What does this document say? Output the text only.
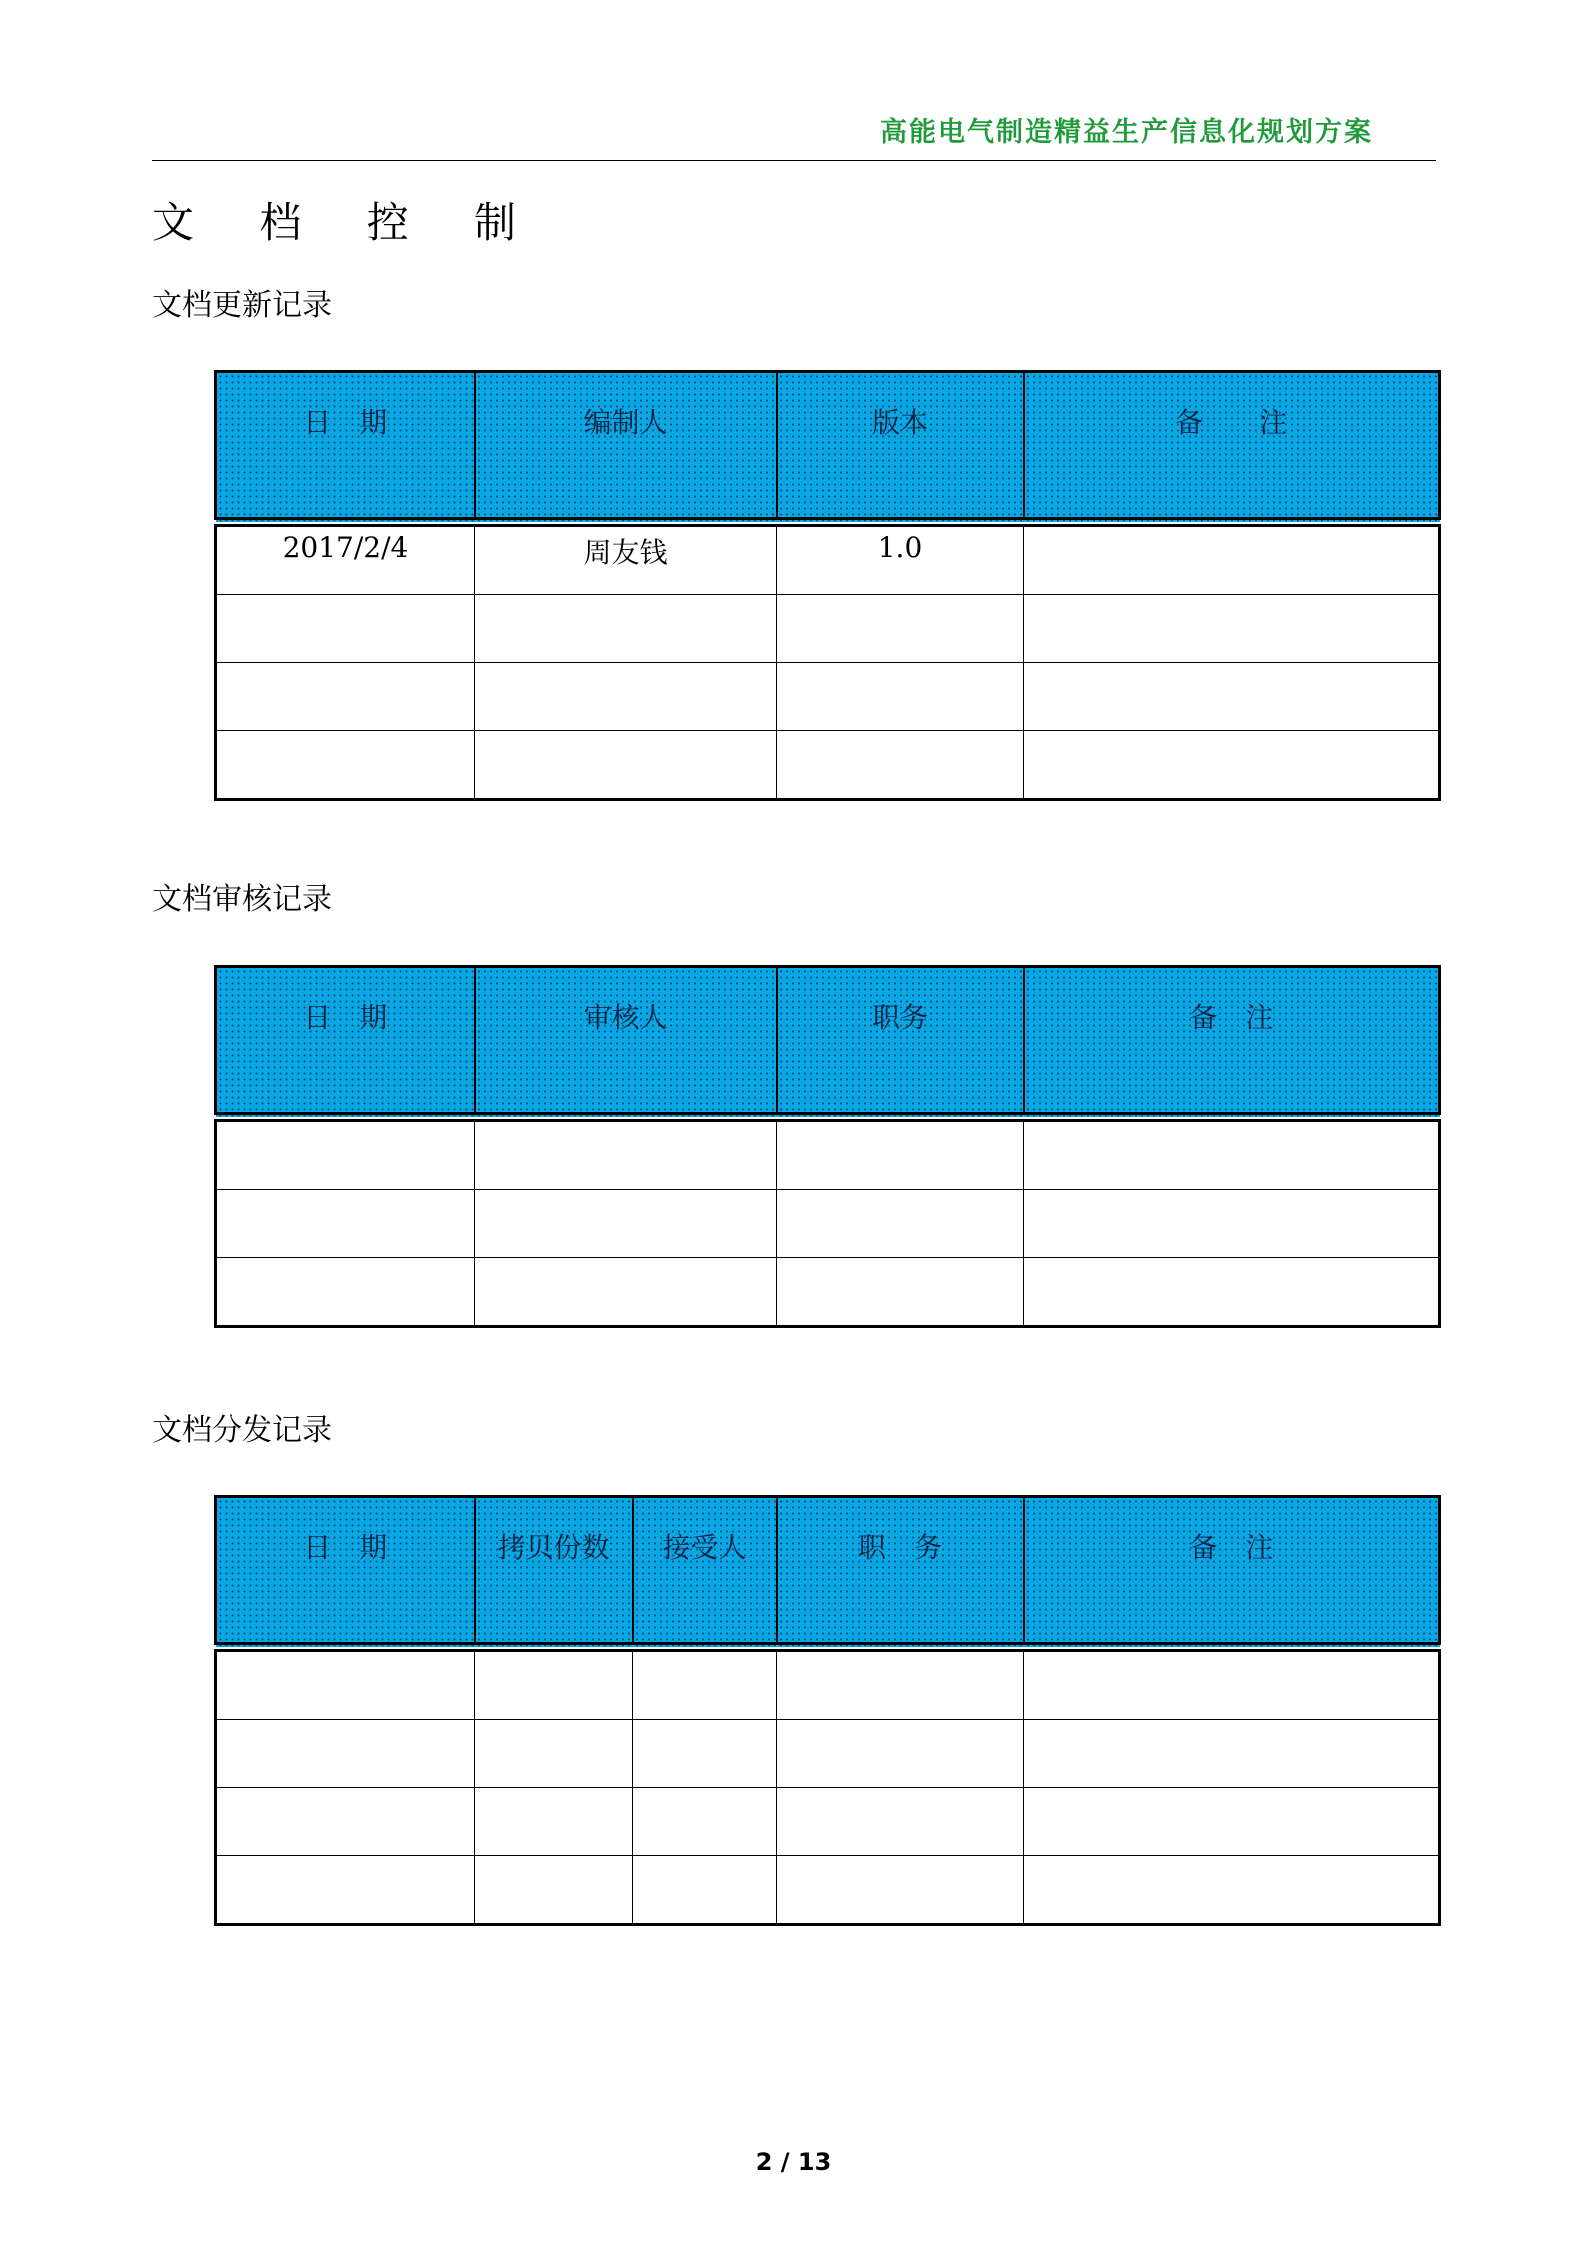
高能电气制造精益生产信息化规划方案
文 档 控 制
文档更新记录
日　期	编制人	版本	备　　注
2017/2/4	周友钱	1.0	

文档审核记录
日　期	审核人	职务	备　注

文档分发记录
日　期	拷贝份数	接受人	职　务	备　注

2 / 13
